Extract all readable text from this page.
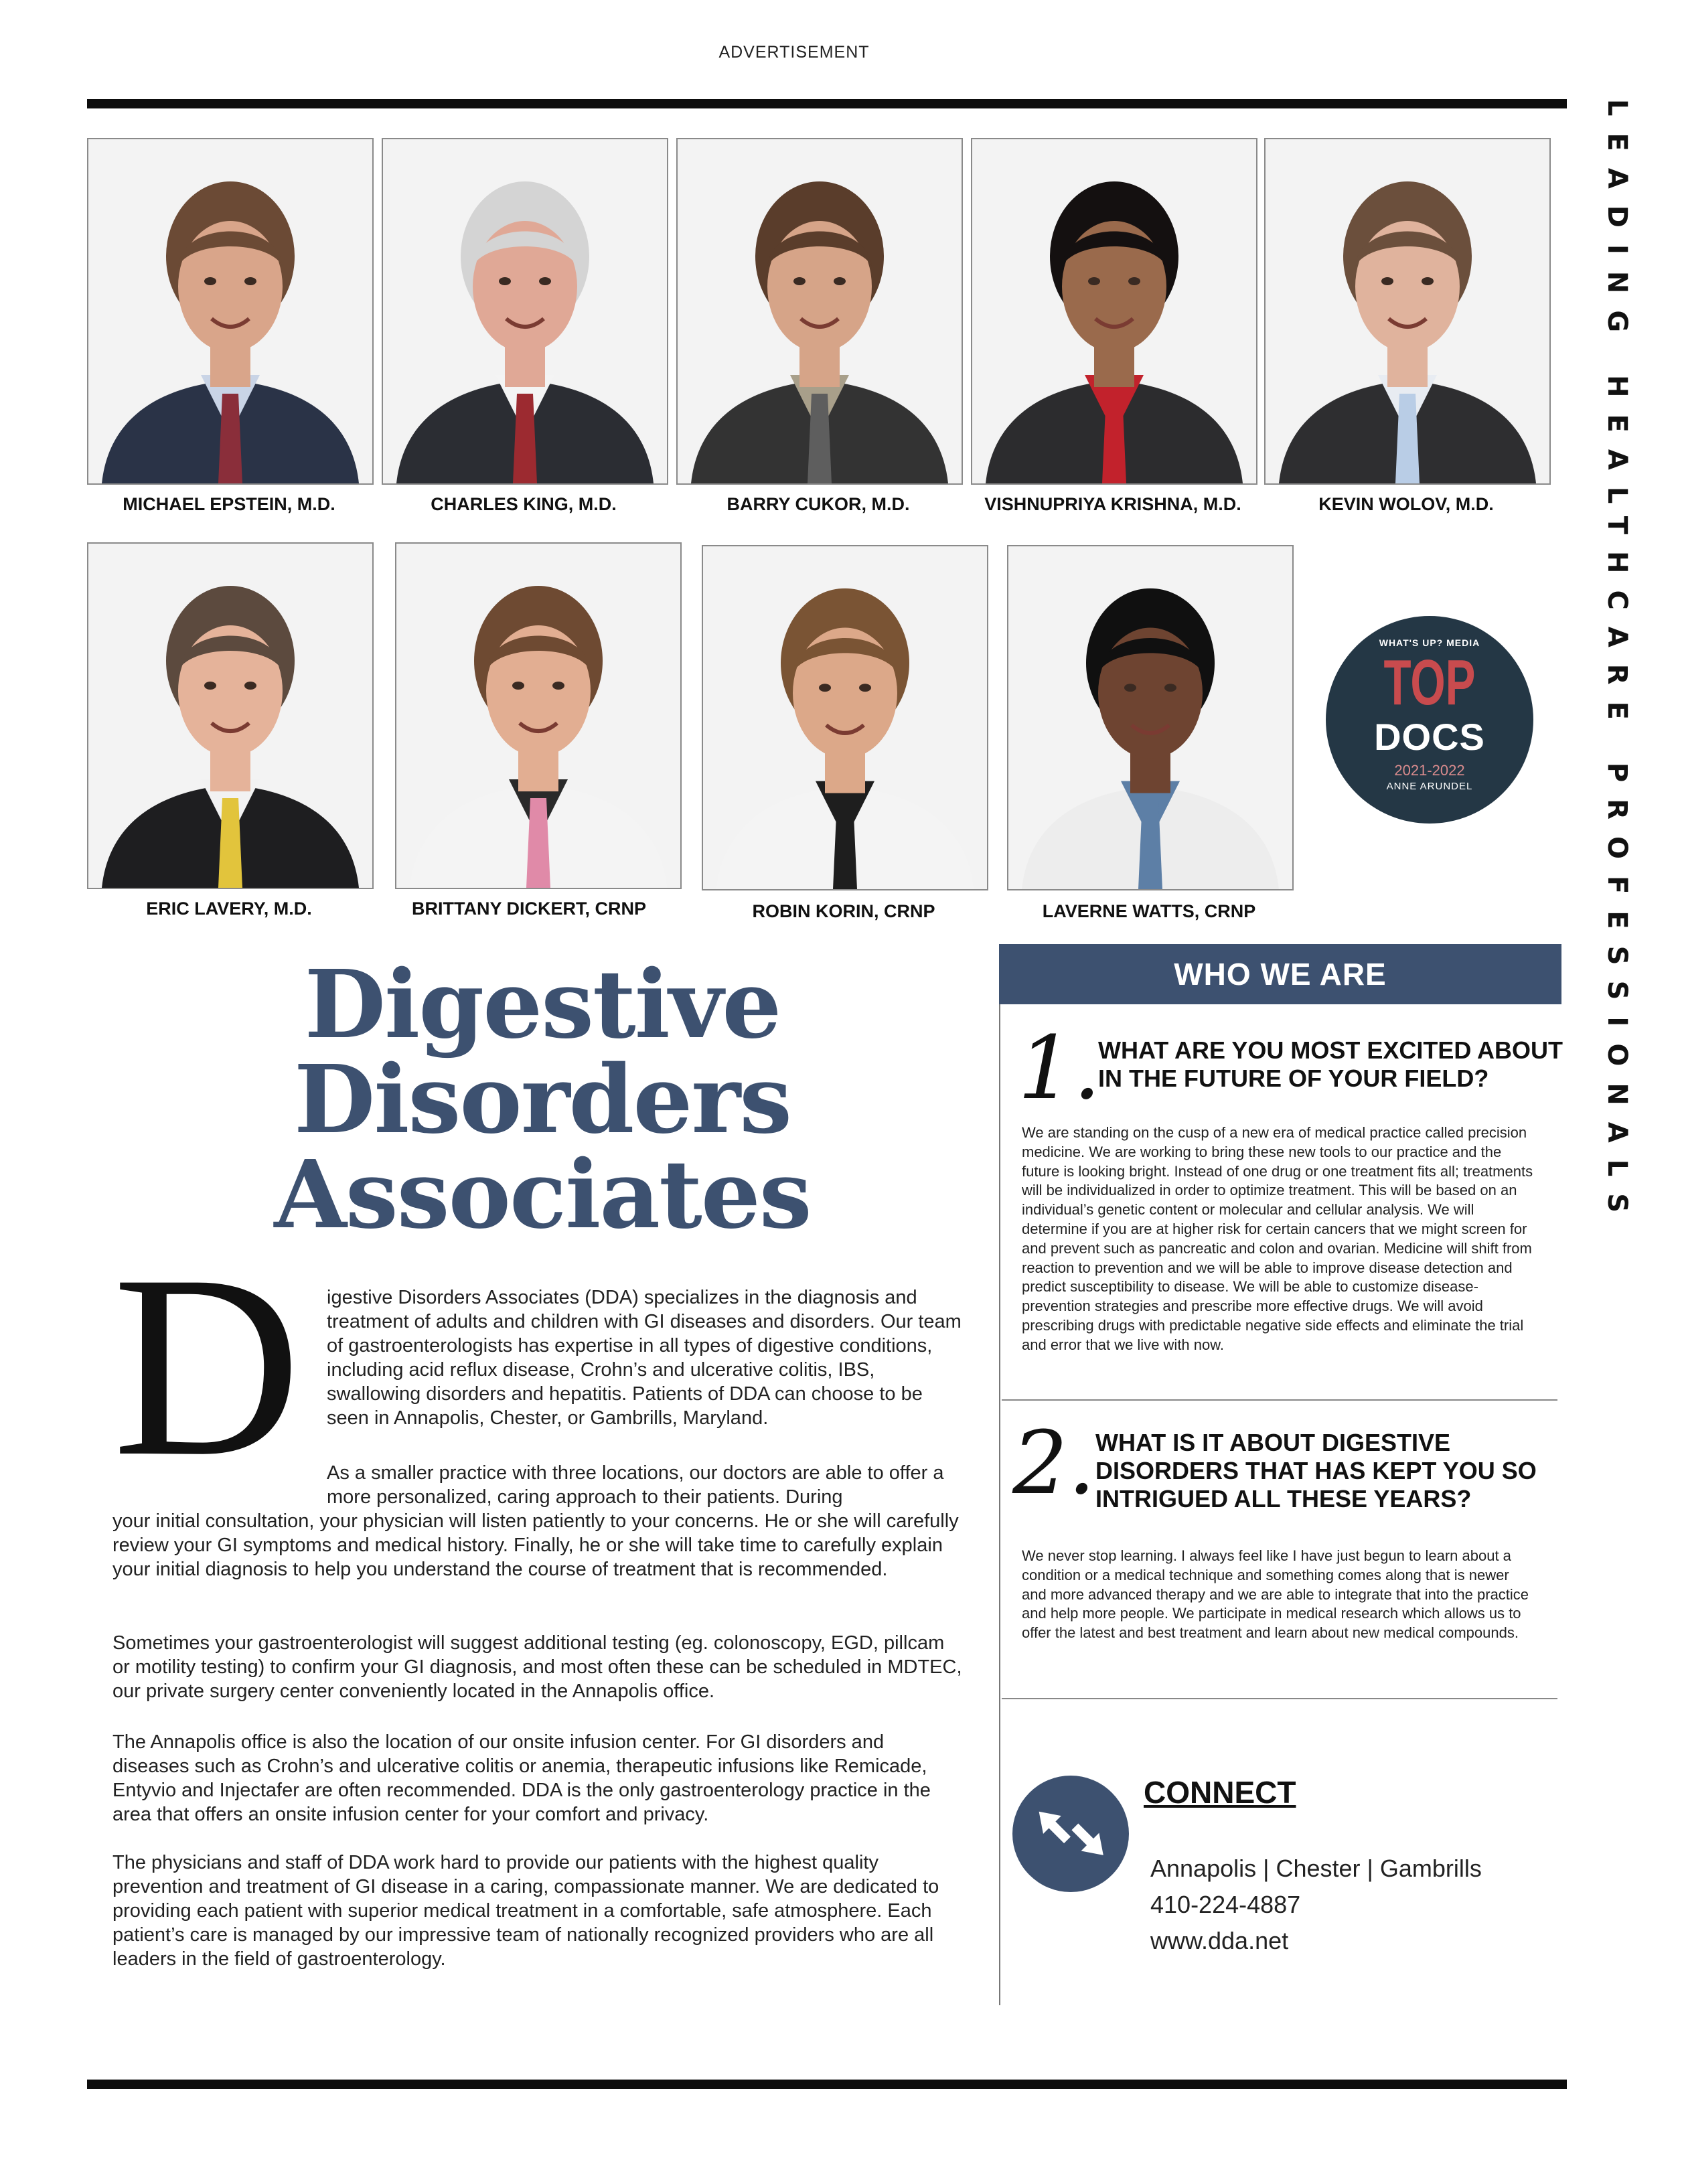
ADVERTISEMENT
LEADING HEALTHCARE PROFESSIONALS
MICHAEL EPSTEIN, M.D.	CHARLES KING, M.D.	BARRY CUKOR, M.D.	VISHNUPRIYA KRISHNA, M.D.	KEVIN WOLOV, M.D.
ERIC LAVERY, M.D.	BRITTANY DICKERT, CRNP	ROBIN KORIN, CRNP	LAVERNE WATTS, CRNP
WHAT'S UP? MEDIA
TOP
DOCS
2021-2022
ANNE ARUNDEL
Digestive
Disorders
Associates
D igestive Disorders Associates (DDA) specializes in the diagnosis and treatment of adults and children with GI diseases and disorders. Our team of gastroenterologists has expertise in all types of digestive conditions, including acid reflux disease, Crohn’s and ulcerative colitis, IBS, swallowing disorders and hepatitis. Patients of DDA can choose to be seen in Annapolis, Chester, or Gambrills, Maryland.

As a smaller practice with three locations, our doctors are able to offer a more personalized, caring approach to their patients. During

your initial consultation, your physician will listen patiently to your concerns. He or she will carefully review your GI symptoms and medical history. Finally, he or she will take time to carefully explain your initial diagnosis to help you understand the course of treatment that is recommended.

Sometimes your gastroenterologist will suggest additional testing (eg. colonoscopy, EGD, pillcam or motility testing) to confirm your GI diagnosis, and most often these can be scheduled in MDTEC, our private surgery center conveniently located in the Annapolis office.

The Annapolis office is also the location of our onsite infusion center. For GI disorders and diseases such as Crohn’s and ulcerative colitis or anemia, therapeutic infusions like Remicade, Entyvio and Injectafer are often recommended. DDA is the only gastroenterology practice in the area that offers an onsite infusion center for your comfort and privacy.

The physicians and staff of DDA work hard to provide our patients with the highest quality prevention and treatment of GI disease in a caring, compassionate manner. We are dedicated to providing each patient with superior medical treatment in a comfortable, safe atmosphere. Each patient’s care is managed by our impressive team of nationally recognized providers who are all leaders in the field of gastroenterology.

WHO WE ARE
1.
WHAT ARE YOU MOST EXCITED ABOUT IN THE FUTURE OF YOUR FIELD?

We are standing on the cusp of a new era of medical practice called precision medicine. We are working to bring these new tools to our practice and the future is looking bright. Instead of one drug or one treatment fits all; treatments will be individualized in order to optimize treatment. This will be based on an individual’s genetic content or molecular and cellular analysis. We will determine if you are at higher risk for certain cancers that we might screen for and prevent such as pancreatic and colon and ovarian. Medicine will shift from reaction to prevention and we will be able to improve disease detection and predict susceptibility to disease. We will be able to customize disease-prevention strategies and prescribe more effective drugs. We will avoid prescribing drugs with predictable negative side effects and eliminate the trial and error that we live with now.

2. WHAT IS IT ABOUT DIGESTIVE DISORDERS THAT HAS KEPT YOU SO INTRIGUED ALL THESE YEARS?

We never stop learning. I always feel like I have just begun to learn about a condition or a medical technique and something comes along that is newer and more advanced therapy and we are able to integrate that into the practice and help more people. We participate in medical research which allows us to offer the latest and best treatment and learn about new medical compounds.

CONNECT
Annapolis | Chester | Gambrills
410-224-4887
www.dda.net
